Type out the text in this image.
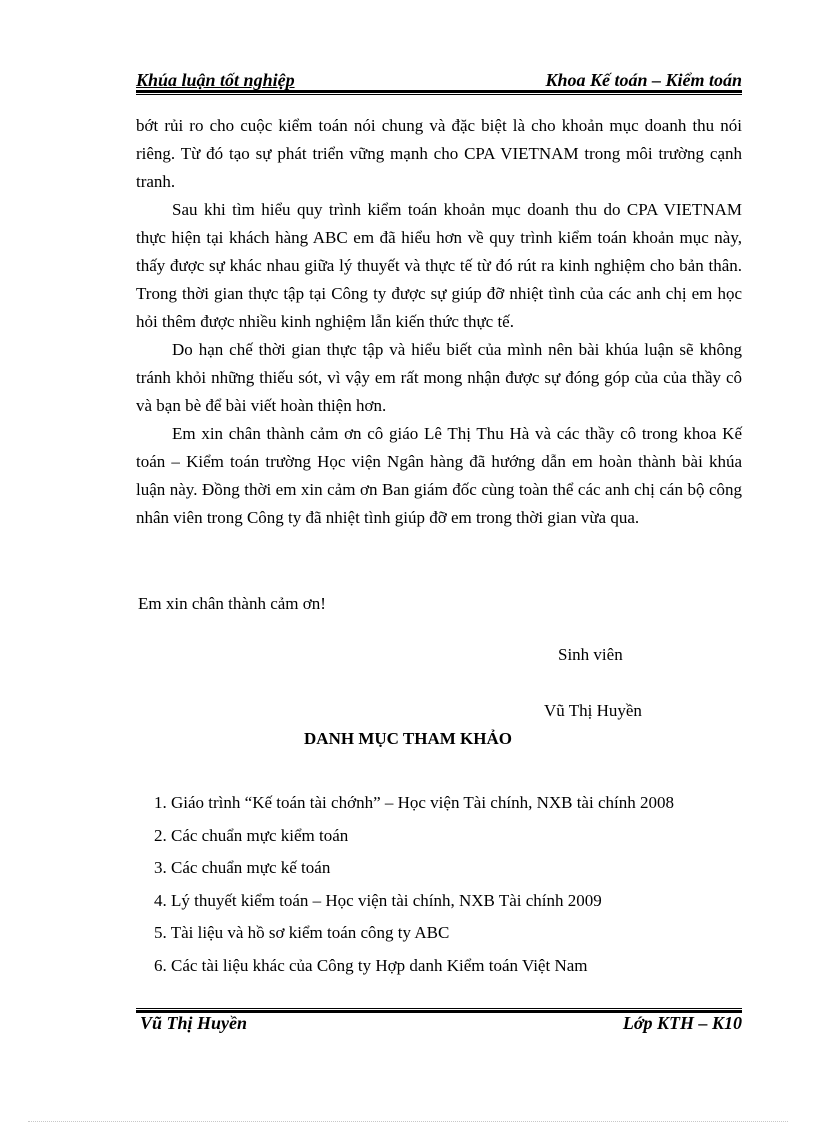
Khúa luận tốt nghiệp	Khoa Kế toán – Kiểm toán

bớt rủi ro cho cuộc kiểm toán nói chung và đặc biệt là cho khoản mục doanh thu nói riêng. Từ đó tạo sự phát triển vững mạnh cho CPA VIETNAM trong môi trường cạnh tranh.

Sau khi tìm hiểu quy trình kiểm toán khoản mục doanh thu do CPA VIETNAM thực hiện tại khách hàng ABC em đã hiểu hơn về quy trình kiểm toán khoản mục này, thấy được sự khác nhau giữa lý thuyết và thực tế từ đó rút ra kinh nghiệm cho bản thân. Trong thời gian thực tập tại Công ty được sự giúp đỡ nhiệt tình của các anh chị em học hỏi thêm được nhiều kinh nghiệm lẫn kiến thức thực tế.

Do hạn chế thời gian thực tập và hiểu biết của mình nên bài khúa luận sẽ không tránh khỏi những thiếu sót, vì vậy em rất mong nhận được sự đóng góp của của thầy cô và bạn bè để bài viết hoàn thiện hơn.

Em xin chân thành cảm ơn cô giáo Lê Thị Thu Hà và các thầy cô trong khoa Kế toán – Kiểm toán trường Học viện Ngân hàng đã hướng dẫn em hoàn thành bài khúa luận này. Đồng thời em xin cảm ơn Ban giám đốc cùng toàn thể các anh chị cán bộ công nhân viên trong Công ty đã nhiệt tình giúp đỡ em trong thời gian vừa qua.

Em xin chân thành cảm ơn!
Sinh viên
Vũ Thị Huyền
DANH MỤC THAM KHẢO
1. Giáo trình “Kế toán tài chớnh” – Học viện Tài chính, NXB tài chính 2008
2. Các chuẩn mực kiểm toán
3. Các chuẩn mực kế toán
4. Lý thuyết kiểm toán – Học viện tài chính, NXB Tài chính 2009
5. Tài liệu và hồ sơ kiểm toán công ty ABC
6. Các tài liệu khác của Công ty Hợp danh Kiểm toán Việt Nam
Vũ Thị Huyền	Lớp KTH – K10
